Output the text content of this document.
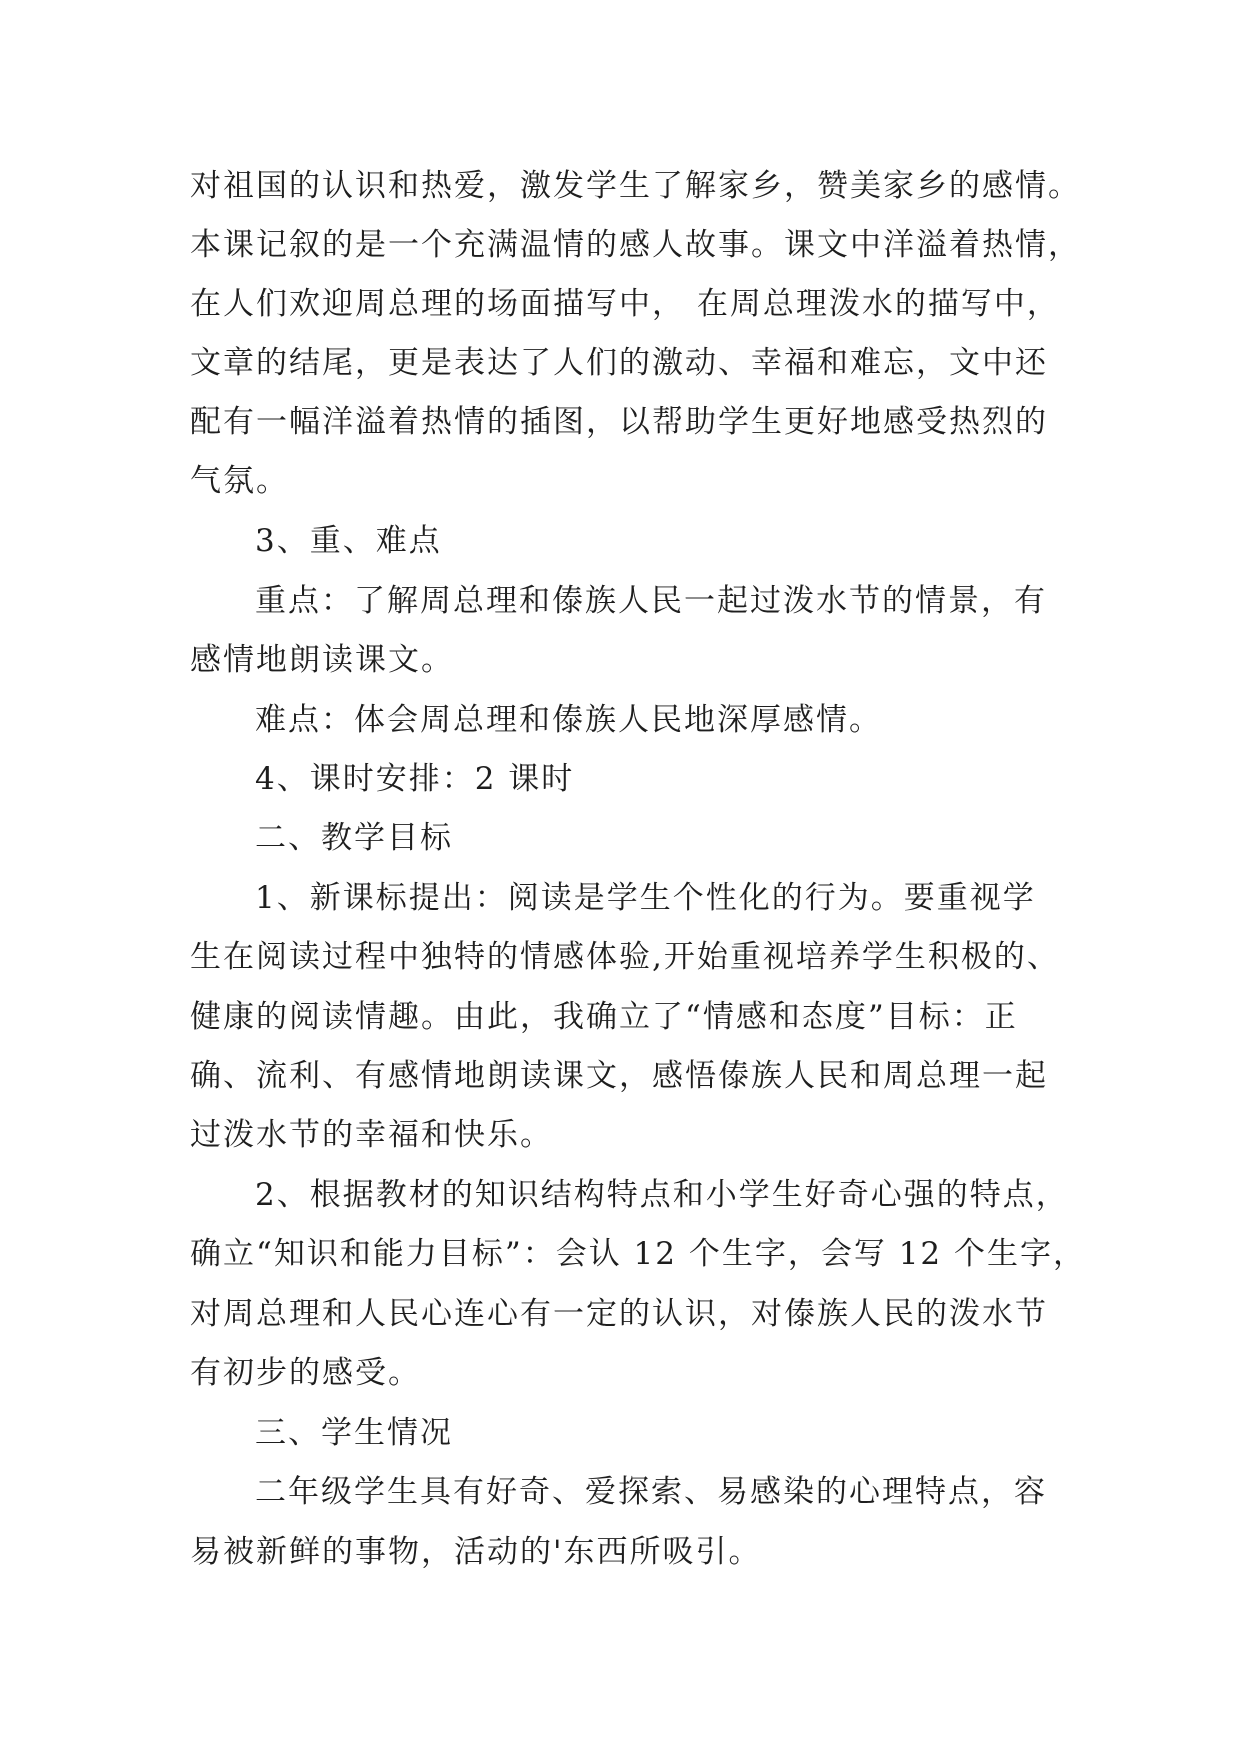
对祖国的认识和热爱，激发学生了解家乡，赞美家乡的感情。
本课记叙的是一个充满温情的感人故事。课文中洋溢着热情，
在人们欢迎周总理的场面描写中， 在周总理泼水的描写中，
文章的结尾，更是表达了人们的激动、幸福和难忘，文中还
配有一幅洋溢着热情的插图，以帮助学生更好地感受热烈的
气氛。
3、重、难点
重点：了解周总理和傣族人民一起过泼水节的情景，有
感情地朗读课文。
难点：体会周总理和傣族人民地深厚感情。
4、课时安排：2 课时
二、教学目标
1、新课标提出：阅读是学生个性化的行为。要重视学
生在阅读过程中独特的情感体验,开始重视培养学生积极的、
健康的阅读情趣。由此，我确立了“情感和态度”目标：正
确、流利、有感情地朗读课文，感悟傣族人民和周总理一起
过泼水节的幸福和快乐。
2、根据教材的知识结构特点和小学生好奇心强的特点，
确立“知识和能力目标”：会认 12 个生字，会写 12 个生字，
对周总理和人民心连心有一定的认识，对傣族人民的泼水节
有初步的感受。
三、学生情况
二年级学生具有好奇、爱探索、易感染的心理特点，容
易被新鲜的事物，活动的'东西所吸引。
